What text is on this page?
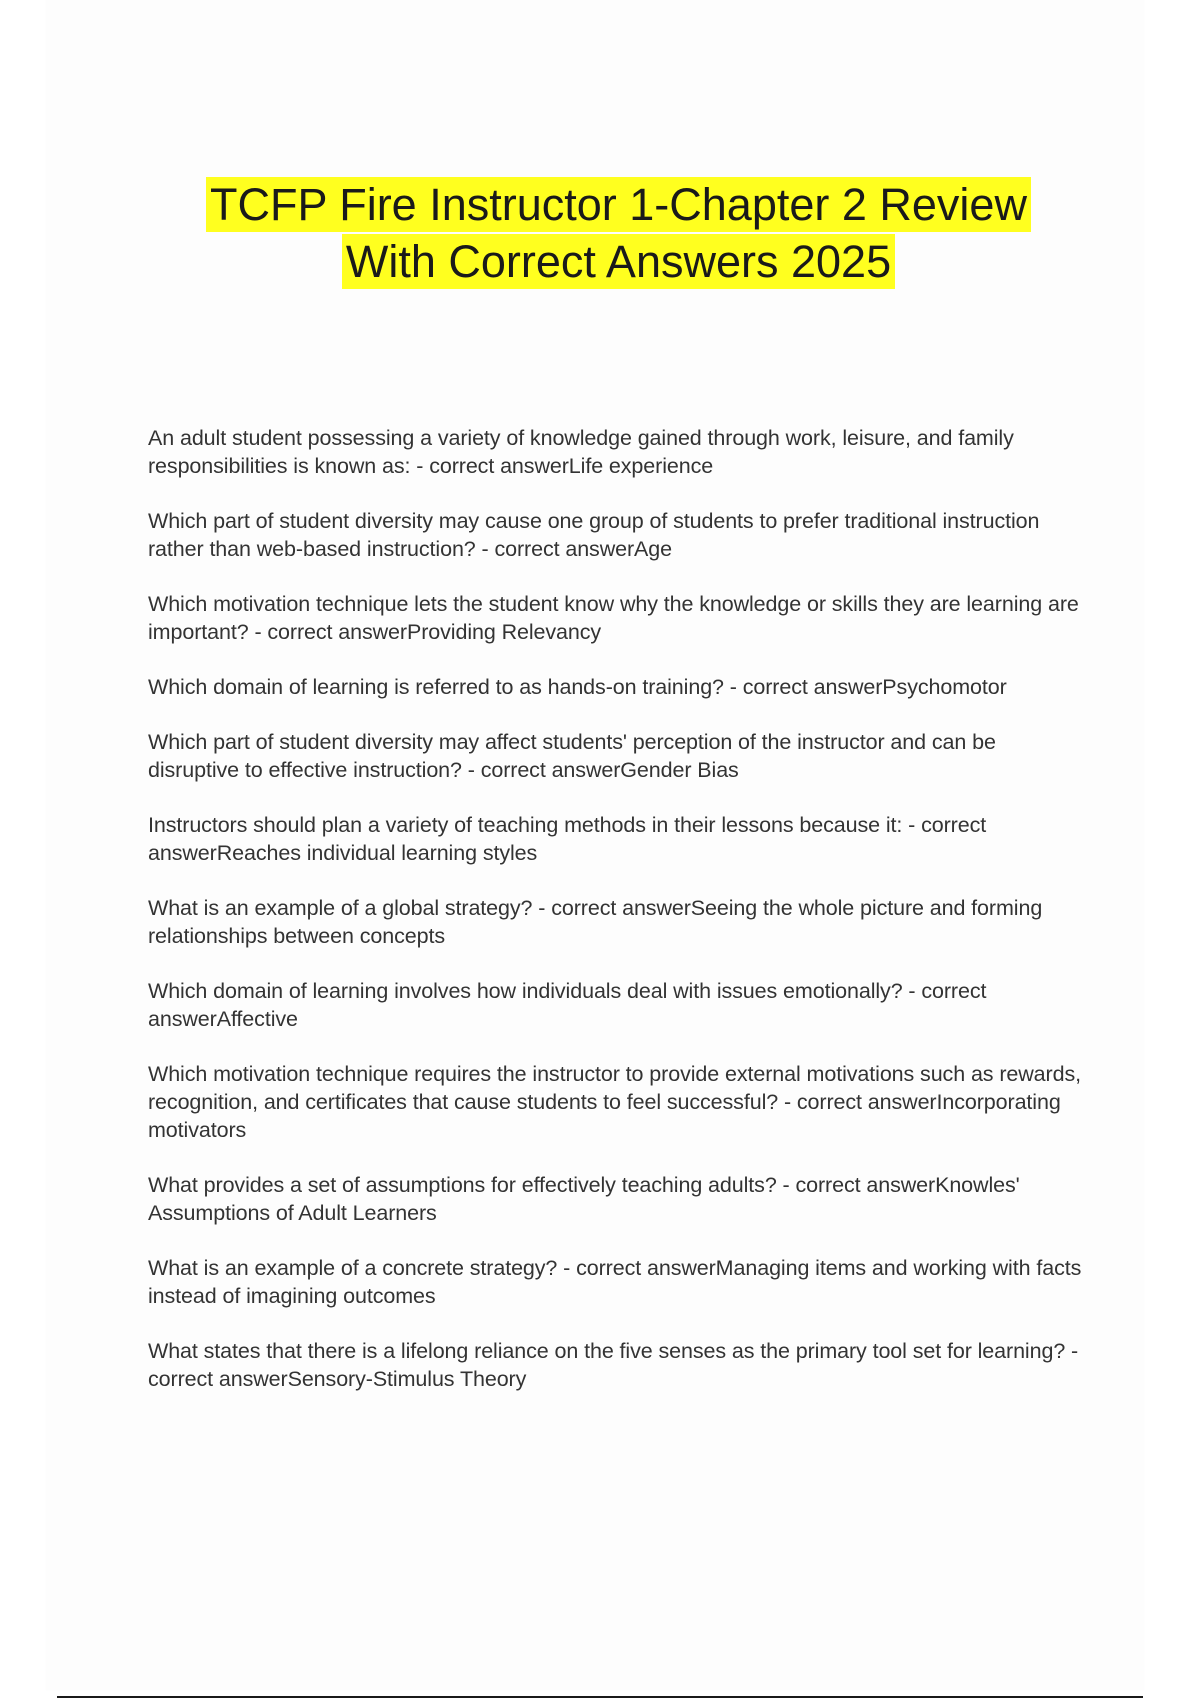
TCFP Fire Instructor 1-Chapter 2 Review
With Correct Answers 2025

An adult student possessing a variety of knowledge gained through work, leisure, and family responsibilities is known as: - correct answerLife experience

Which part of student diversity may cause one group of students to prefer traditional instruction rather than web-based instruction? - correct answerAge

Which motivation technique lets the student know why the knowledge or skills they are learning are important? - correct answerProviding Relevancy

Which domain of learning is referred to as hands-on training? - correct answerPsychomotor

Which part of student diversity may affect students' perception of the instructor and can be disruptive to effective instruction? - correct answerGender Bias

Instructors should plan a variety of teaching methods in their lessons because it: - correct answerReaches individual learning styles

What is an example of a global strategy? - correct answerSeeing the whole picture and forming relationships between concepts

Which domain of learning involves how individuals deal with issues emotionally? - correct answerAffective

Which motivation technique requires the instructor to provide external motivations such as rewards, recognition, and certificates that cause students to feel successful? - correct answerIncorporating motivators

What provides a set of assumptions for effectively teaching adults? - correct answerKnowles' Assumptions of Adult Learners

What is an example of a concrete strategy? - correct answerManaging items and working with facts instead of imagining outcomes

What states that there is a lifelong reliance on the five senses as the primary tool set for learning? - correct answerSensory-Stimulus Theory
